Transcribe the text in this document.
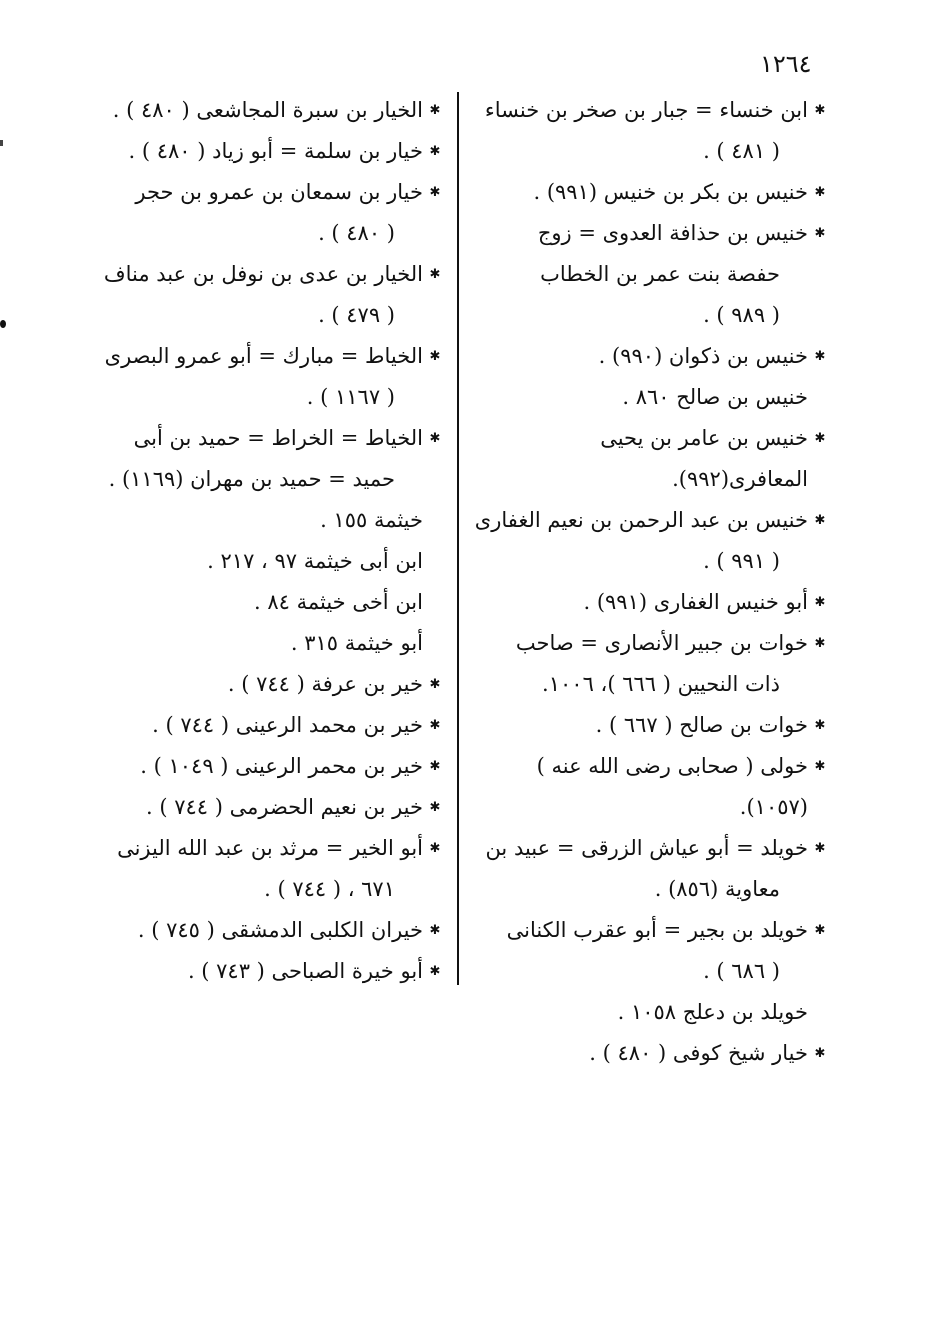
١٢٦٤
✱
ابن خنساء = جبار بن صخر بن خنساء
( ٤٨١ ) .
✱
خنيس بن بكر بن خنيس (٩٩١) .
✱
خنيس بن حذافة العدوى = زوج
حفصة بنت عمر بن الخطاب
( ٩٨٩ ) .
✱
خنيس بن ذكوان (٩٩٠) .
خنيس بن صالح ٨٦٠ .
✱
خنيس بن عامر بن يحيى المعافرى(٩٩٢).
✱
خنيس بن عبد الرحمن بن نعيم الغفارى
( ٩٩١ ) .
✱
أبو خنيس الغفارى (٩٩١) .
✱
خوات بن جبير الأنصارى = صاحب
ذات النحيين ( ٦٦٦ )، ١٠٠٦.
✱
خوات بن صالح ( ٦٦٧ ) .
✱
خولى ( صحابى رضى الله عنه ) (١٠٥٧).
✱
خويلد = أبو عياش الزرقى = عبيد بن
معاوية (٨٥٦) .
✱
خويلد بن بجير = أبو عقرب الكنانى
( ٦٨٦ ) .
خويلد بن دعلج ١٠٥٨ .
✱
خيار شيخ كوفى ( ٤٨٠ ) .
✱
الخيار بن سبرة المجاشعى ( ٤٨٠ ) .
✱
خيار بن سلمة = أبو زياد ( ٤٨٠ ) .
✱
خيار بن سمعان بن عمرو بن حجر
( ٤٨٠ ) .
✱
الخيار بن عدى بن نوفل بن عبد مناف
( ٤٧٩ ) .
✱
الخياط = مبارك = أبو عمرو البصرى
( ١١٦٧ ) .
✱
الخياط = الخراط = حميد بن أبى
حميد = حميد بن مهران (١١٦٩) .
خيثمة ١٥٥ .
ابن أبى خيثمة ٩٧ ، ٢١٧ .
ابن أخى خيثمة ٨٤ .
أبو خيثمة ٣١٥ .
✱
خير بن عرفة ( ٧٤٤ ) .
✱
خير بن محمد الرعينى ( ٧٤٤ ) .
✱
خير بن محمر الرعينى ( ١٠٤٩ ) .
✱
خير بن نعيم الحضرمى ( ٧٤٤ ) .
✱
أبو الخير = مرثد بن عبد الله اليزنى
٦٧١ ، ( ٧٤٤ ) .
✱
خيران الكلبى الدمشقى ( ٧٤٥ ) .
✱
أبو خيرة الصباحى ( ٧٤٣ ) .
